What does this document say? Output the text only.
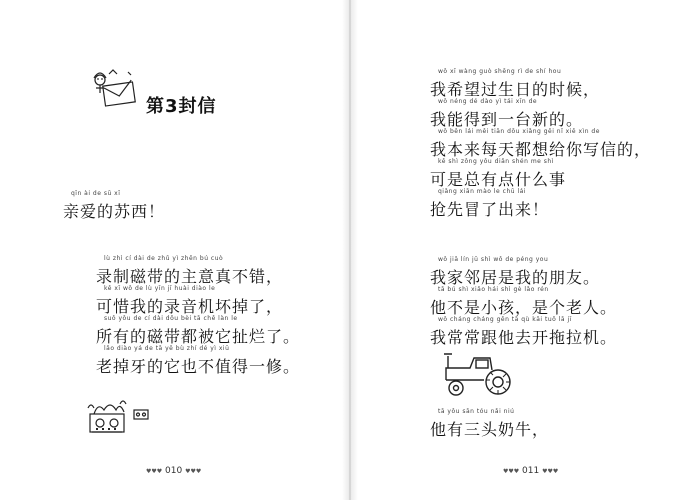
第3封信
qīn ài de sū xī
亲爱的苏西！
lù zhì cí dài de zhǔ yì zhēn bú cuò
录制磁带的主意真不错，
kě xī wǒ de lù yīn jī huài diào le
可惜我的录音机坏掉了，
suǒ yǒu de cí dài dōu bèi tā chě làn le
所有的磁带都被它扯烂了。
lǎo diào yá de tā yě bù zhí dé yì xiū
老掉牙的它也不值得一修。
♥♥♥ 010 ♥♥♥
wǒ xī wàng guò shēng rì de shí hou
我希望过生日的时候，
wǒ néng dé dào yì tái xīn de
我能得到一台新的。
wǒ běn lái měi tiān dōu xiǎng gěi nǐ xiě xìn de
我本来每天都想给你写信的，
kě shì zǒng yǒu diǎn shén me shì
可是总有点什么事
qiǎng xiān mào le chū lái
抢先冒了出来！
wǒ jiā lín jū shì wǒ de péng you
我家邻居是我的朋友。
tā bú shì xiǎo hái shì gè lǎo rén
他不是小孩，是个老人。
wǒ cháng cháng gēn tā qù kāi tuō lā jī
我常常跟他去开拖拉机。
tā yǒu sān tóu nǎi niú
他有三头奶牛，
♥♥♥ 011 ♥♥♥
